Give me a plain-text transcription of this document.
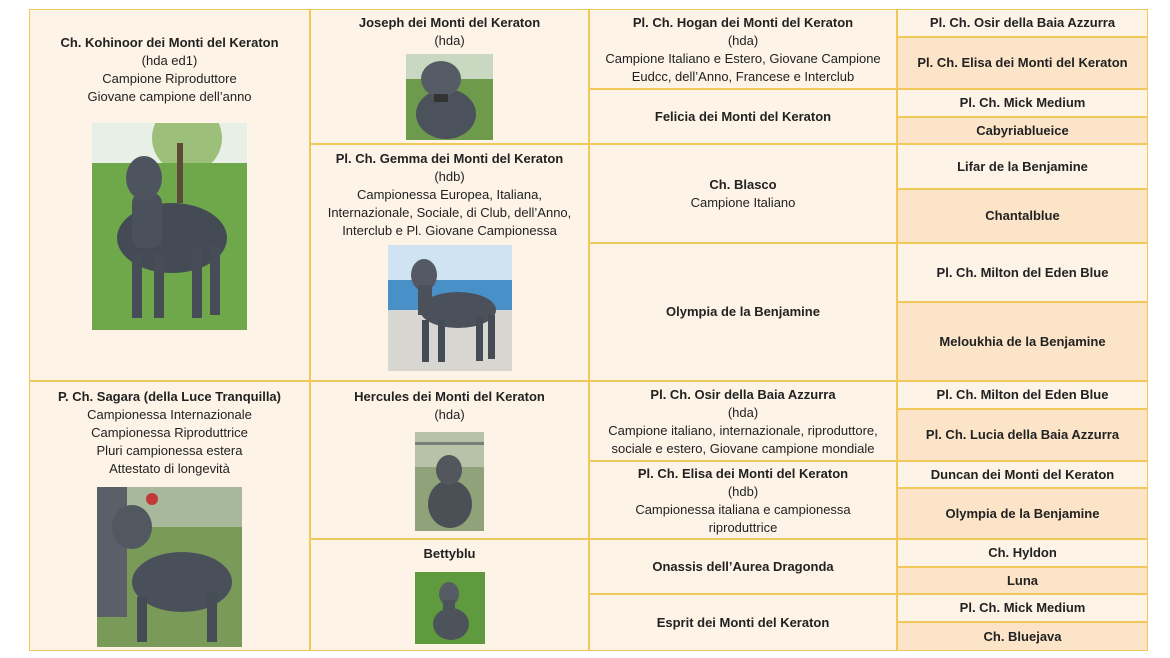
Ch. Kohinoor dei Monti del Keraton
(hda ed1)
Campione Riproduttore
Giovane campione dell’anno
P. Ch. Sagara (della Luce Tranquilla)
Campionessa Internazionale
Campionessa Riproduttrice
Pluri campionessa estera
Attestato di longevità
Joseph dei Monti del Keraton
(hda)
Pl. Ch. Gemma dei Monti del Keraton
(hdb)
Campionessa Europea, Italiana,
Internazionale, Sociale, di Club, dell’Anno,
Interclub e Pl. Giovane Campionessa
Hercules dei Monti del Keraton
(hda)
Bettyblu
Pl. Ch. Hogan dei Monti del Keraton
(hda)
Campione Italiano e Estero, Giovane Campione
Eudcc, dell’Anno, Francese e Interclub
Felicia dei Monti del Keraton
Ch. Blasco
Campione Italiano
Olympia de la Benjamine
Pl. Ch. Osir della Baia Azzurra
(hda)
Campione italiano, internazionale, riproduttore,
sociale e estero, Giovane campione mondiale
Pl. Ch. Elisa dei Monti del Keraton
(hdb)
Campionessa italiana e campionessa
riproduttrice
Onassis dell’Aurea Dragonda
Esprit dei Monti del Keraton
Pl. Ch. Osir della Baia Azzurra
Pl. Ch. Elisa dei Monti del Keraton
Pl. Ch. Mick Medium
Cabyriablueice
Lifar de la Benjamine
Chantalblue
Pl. Ch. Milton del Eden Blue
Meloukhia de la Benjamine
Pl. Ch. Milton del Eden Blue
Pl. Ch. Lucia della Baia Azzurra
Duncan dei Monti del Keraton
Olympia de la Benjamine
Ch. Hyldon
Luna
Pl. Ch. Mick Medium
Ch. Bluejava
